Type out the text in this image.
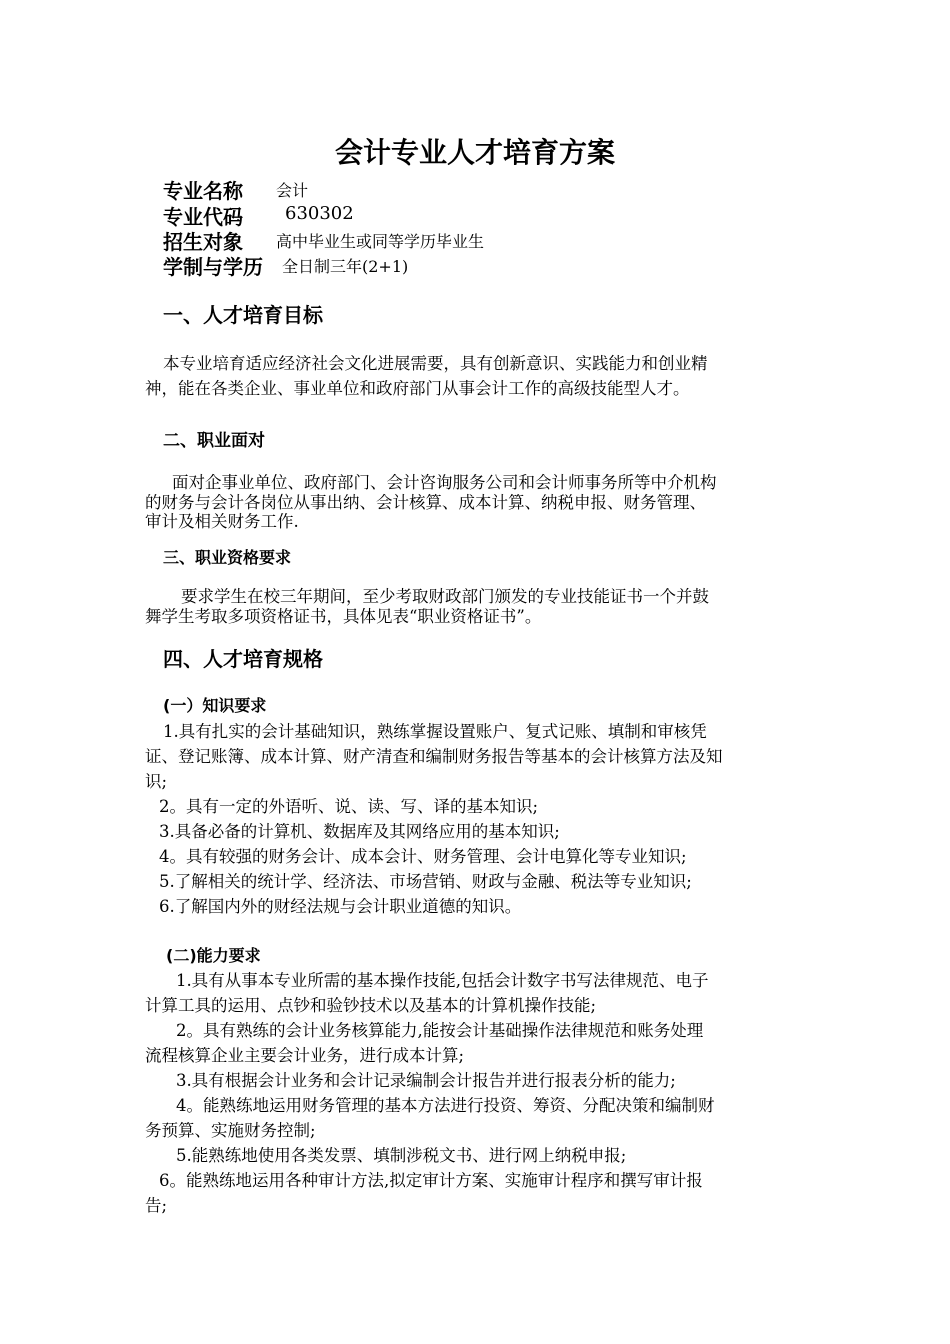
会计专业人才培育方案
专业名称 会计
专业代码 630302
招生对象 高中毕业生或同等学历毕业生
学制与学历 全日制三年(2+1)
一、人才培育目标
本专业培育适应经济社会文化进展需要，具有创新意识、实践能力和创业精
神，能在各类企业、事业单位和政府部门从事会计工作的高级技能型人才。
二、职业面对
面对企事业单位、政府部门、会计咨询服务公司和会计师事务所等中介机构
的财务与会计各岗位从事出纳、会计核算、成本计算、纳税申报、财务管理、
审计及相关财务工作.
三、职业资格要求
要求学生在校三年期间，至少考取财政部门颁发的专业技能证书一个并鼓
舞学生考取多项资格证书，具体见表“职业资格证书”。
四、人才培育规格
(一）知识要求
1.具有扎实的会计基础知识，熟练掌握设置账户、复式记账、填制和审核凭
证、登记账簿、成本计算、财产清查和编制财务报告等基本的会计核算方法及知
识;
2。具有一定的外语听、说、读、写、译的基本知识;
3.具备必备的计算机、数据库及其网络应用的基本知识;
4。具有较强的财务会计、成本会计、财务管理、会计电算化等专业知识;
5.了解相关的统计学、经济法、市场营销、财政与金融、税法等专业知识;
6.了解国内外的财经法规与会计职业道德的知识。
(二)能力要求
1.具有从事本专业所需的基本操作技能,包括会计数字书写法律规范、电子
计算工具的运用、点钞和验钞技术以及基本的计算机操作技能;
2。具有熟练的会计业务核算能力,能按会计基础操作法律规范和账务处理
流程核算企业主要会计业务，进行成本计算;
3.具有根据会计业务和会计记录编制会计报告并进行报表分析的能力;
4。能熟练地运用财务管理的基本方法进行投资、筹资、分配决策和编制财
务预算、实施财务控制;
5.能熟练地使用各类发票、填制涉税文书、进行网上纳税申报;
6。能熟练地运用各种审计方法,拟定审计方案、实施审计程序和撰写审计报
告;
